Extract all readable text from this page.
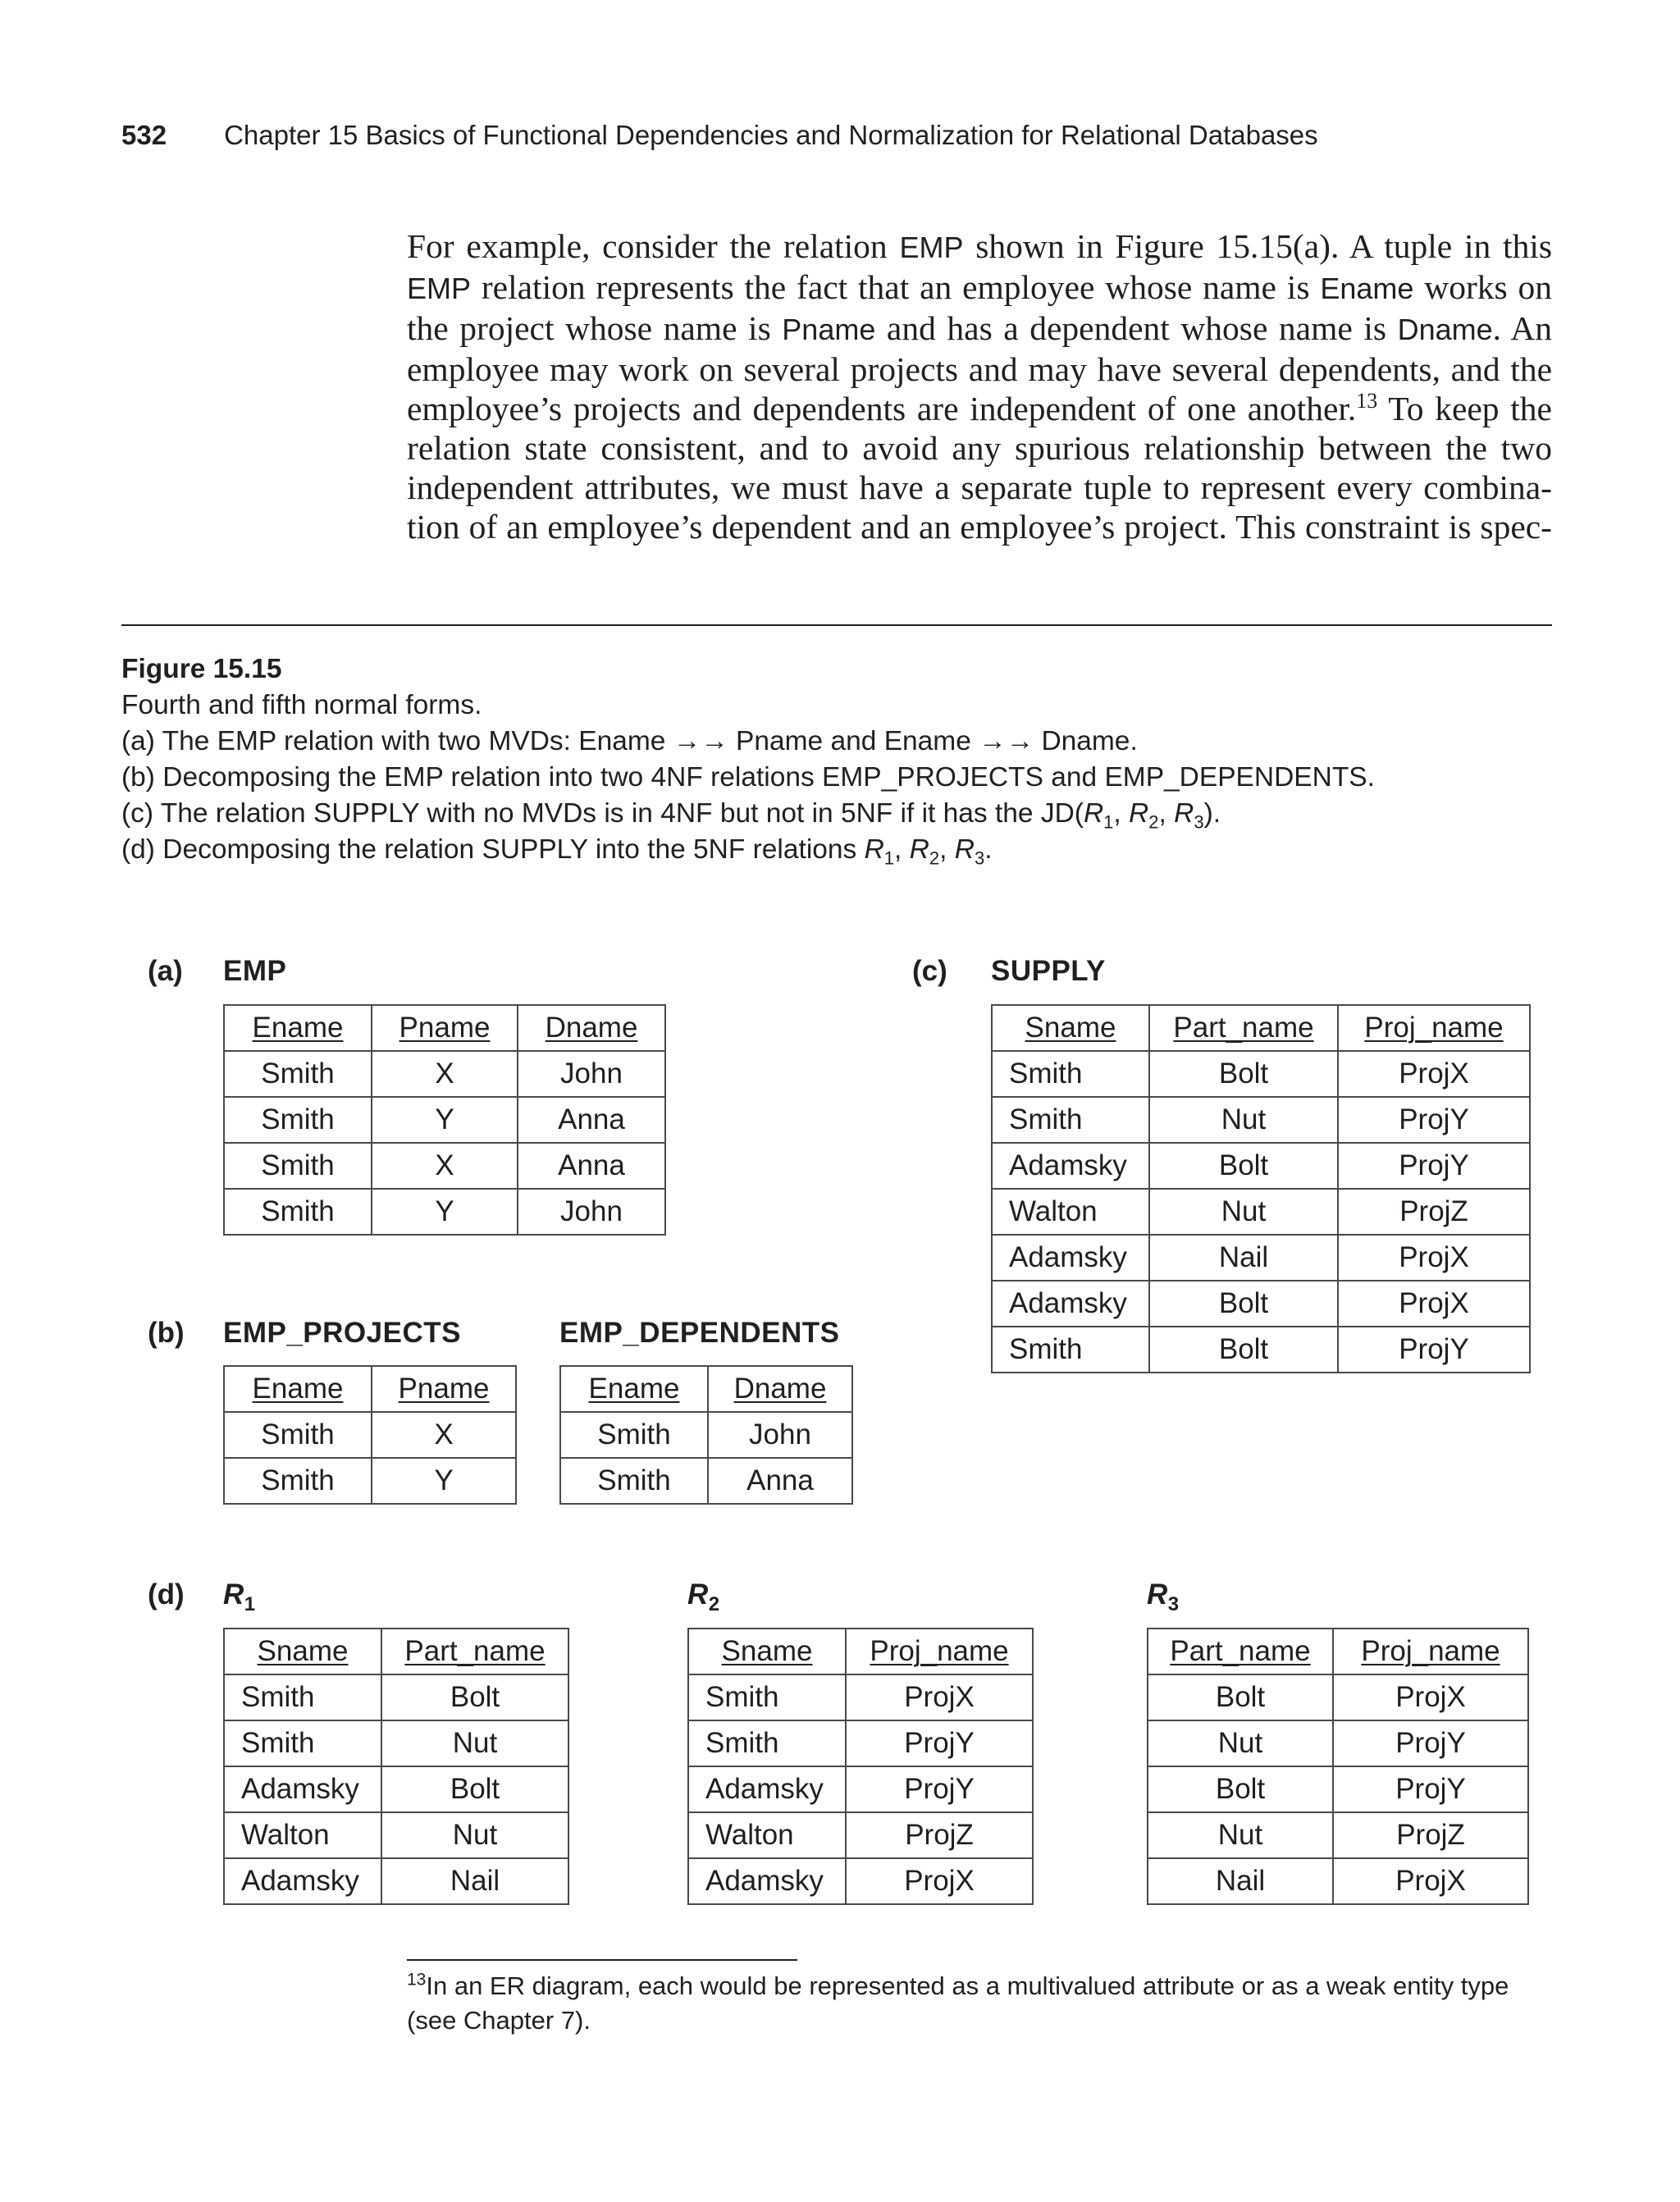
532 Chapter 15 Basics of Functional Dependencies and Normalization for Relational Databases
For example, consider the relation EMP shown in Figure 15.15(a). A tuple in this EMP relation represents the fact that an employee whose name is Ename works on the project whose name is Pname and has a dependent whose name is Dname. An employee may work on several projects and may have several dependents, and the employee’s projects and dependents are independent of one another.$^{13}$ To keep the relation state consistent, and to avoid any spurious relationship between the two independent attributes, we must have a separate tuple to represent every combina-tion of an employee’s dependent and an employee’s project. This constraint is spec-
Figure 15.15
Fourth and fifth normal forms.
(a) The EMP relation with two MVDs: Ename →→ Pname and Ename →→ Dname.
(b) Decomposing the EMP relation into two 4NF relations EMP_PROJECTS and EMP_DEPENDENTS.
(c) The relation SUPPLY with no MVDs is in 4NF but not in 5NF if it has the $JD(R_1$, $R_2$, $R_3$).
(d) Decomposing the relation SUPPLY into the 5NF relations $R_1$, $R_2$, $R_3$.
(a)
(b)
(c)
(d)
EMP
Ename	Pname	Dname
Smith	X	John
Smith	Y	Anna
Smith	X	Anna
Smith	Y	John
EMP_PROJECTS
Ename	Pname
Smith	X
Smith	Y
EMP_DEPENDENTS
Ename	Dname
Smith	John
Smith	Anna
SUPPLY
Sname	Part_name	Proj_name
Smith	Bolt	ProjX
Smith	Nut	ProjY
Adamsky	Bolt	ProjY
Walton	Nut	ProjZ
Adamsky	Nail	ProjX
Adamsky	Bolt	ProjX
Smith	Bolt	ProjY
$R_1$
Sname	Part_name
Smith	Bolt
Smith	Nut
Adamsky	Bolt
Walton	Nut
Adamsky	Nail
$R_2$
Sname	Proj_name
Smith	ProjX
Smith	ProjY
Adamsky	ProjY
Walton	ProjZ
Adamsky	ProjX
$R_3$
Part_name	Proj_name
Bolt	ProjX
Nut	ProjY
Bolt	ProjY
Nut	ProjZ
Nail	ProjX
$^{13}$In an ER diagram, each would be represented as a multivalued attribute or as a weak entity type (see Chapter 7).
